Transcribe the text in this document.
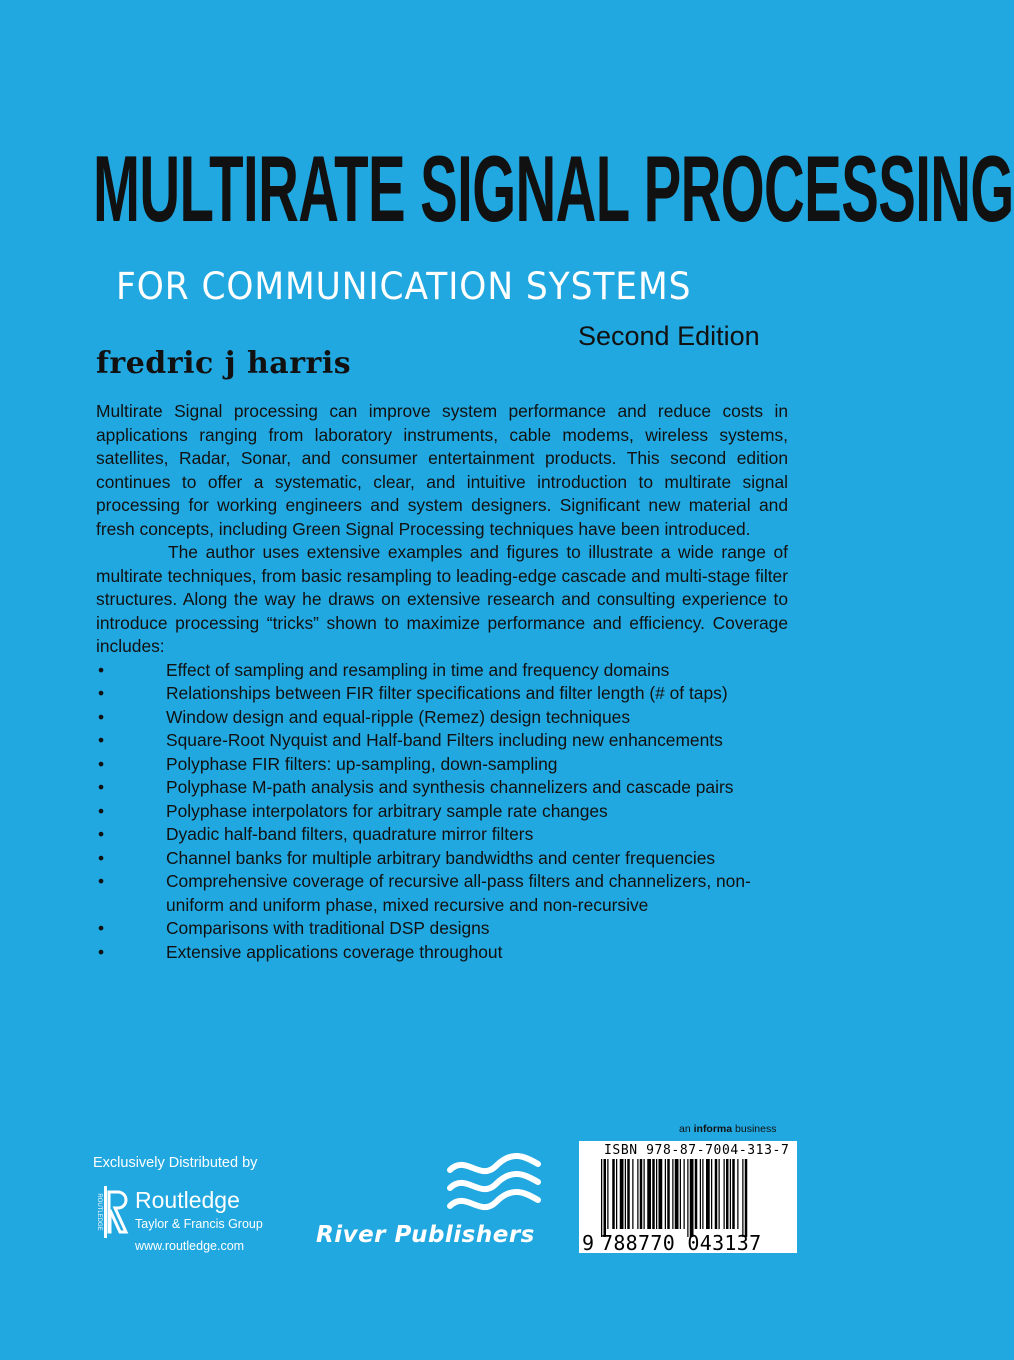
MULTIRATE SIGNAL PROCESSING
FOR COMMUNICATION SYSTEMS
Second Edition
fredric j harris

Multirate Signal processing can improve system performance and reduce costs in applications ranging from laboratory instruments, cable modems, wireless systems, satellites, Radar, Sonar, and consumer entertainment products. This second edition continues to offer a systematic, clear, and intuitive introduction to multirate signal processing for working engineers and system designers. Significant new material and fresh concepts, including Green Signal Processing techniques have been introduced.

The author uses extensive examples and figures to illustrate a wide range of multirate techniques, from basic resampling to leading-edge cascade and multi-stage filter structures. Along the way he draws on extensive research and consulting experience to introduce processing “tricks” shown to maximize performance and efficiency. Coverage includes:

•	Effect of sampling and resampling in time and frequency domains
•	Relationships between FIR filter specifications and filter length (# of taps)
•	Window design and equal-ripple (Remez) design techniques
•	Square-Root Nyquist and Half-band Filters including new enhancements
•	Polyphase FIR filters: up-sampling, down-sampling
•	Polyphase M-path analysis and synthesis channelizers and cascade pairs
•	Polyphase interpolators for arbitrary sample rate changes
•	Dyadic half-band filters, quadrature mirror filters
•	Channel banks for multiple arbitrary bandwidths and center frequencies
•	Comprehensive coverage of recursive all-pass filters and channelizers, non-uniform and uniform phase, mixed recursive and non-recursive
•	Comparisons with traditional DSP designs
•	Extensive applications coverage throughout
Exclusively Distributed by
ROUTLEDGE Routledge
Taylor & Francis Group
www.routledge.com	River Publishers
an informa business
ISBN 978-87-7004-313-7
9 788770 043137
